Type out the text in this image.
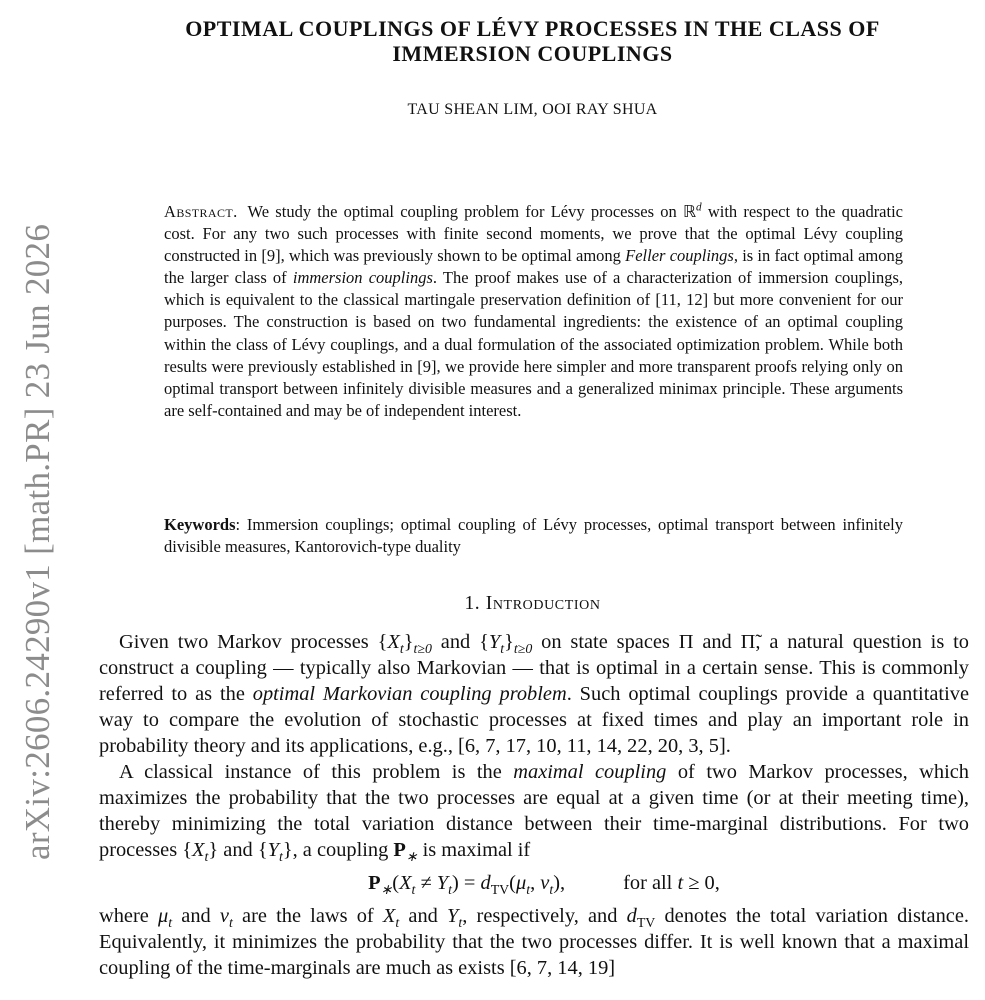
arXiv:2606.24290v1 [math.PR] 23 Jun 2026
OPTIMAL COUPLINGS OF LÉVY PROCESSES IN THE CLASS OF
IMMERSION COUPLINGS
TAU SHEAN LIM, OOI RAY SHUA
Abstract. We study the optimal coupling problem for Lévy processes on ℝ$^d$ with respect to the quadratic cost. For any two such processes with finite second moments, we prove that the optimal Lévy coupling constructed in [9], which was previously shown to be optimal among Feller couplings, is in fact optimal among the larger class of immersion couplings. The proof makes use of a characterization of immersion couplings, which is equivalent to the classical martingale preservation definition of [11, 12] but more convenient for our purposes. The construction is based on two fundamental ingredients: the existence of an optimal coupling within the class of Lévy couplings, and a dual formulation of the associated optimization problem. While both results were previously established in [9], we provide here simpler and more transparent proofs relying only on optimal transport between infinitely divisible measures and a generalized minimax principle. These arguments are self-contained and may be of independent interest.
Keywords: Immersion couplings; optimal coupling of Lévy processes, optimal transport between infinitely divisible measures, Kantorovich-type duality
1. Introduction

Given two Markov processes $\{X_t\}_{t\ge 0}$ and $\{Y_t\}_{t\ge 0}$ on state spaces Π and Π̃, a natural question is to construct a coupling — typically also Markovian — that is optimal in a certain sense. This is commonly referred to as the optimal Markovian coupling problem. Such optimal couplings provide a quantitative way to compare the evolution of stochastic processes at fixed times and play an important role in probability theory and its applications, e.g., [6, 7, 17, 10, 11, 14, 22, 20, 3, 5].

A classical instance of this problem is the maximal coupling of two Markov processes, which maximizes the probability that the two processes are equal at a given time (or at their meeting time), thereby minimizing the total variation distance between their time-marginal distributions. For two processes $\{X_t\}$ and $\{Y_t\}$, a coupling $P_∗$ is maximal if

$P_∗(X_t \ne Y_t) = d_{TV}(\mu_t$, $\nu_t$),	for all t ≥ 0,

where $\mu_t$ and $\nu_t$ are the laws of $X_t$ and $Y_t$, respectively, and $d_{TV}$ denotes the total variation distance. Equivalently, it minimizes the probability that the two processes differ. It is well known that a maximal coupling of the time-marginals are much as exists [6, 7, 14, 19]
